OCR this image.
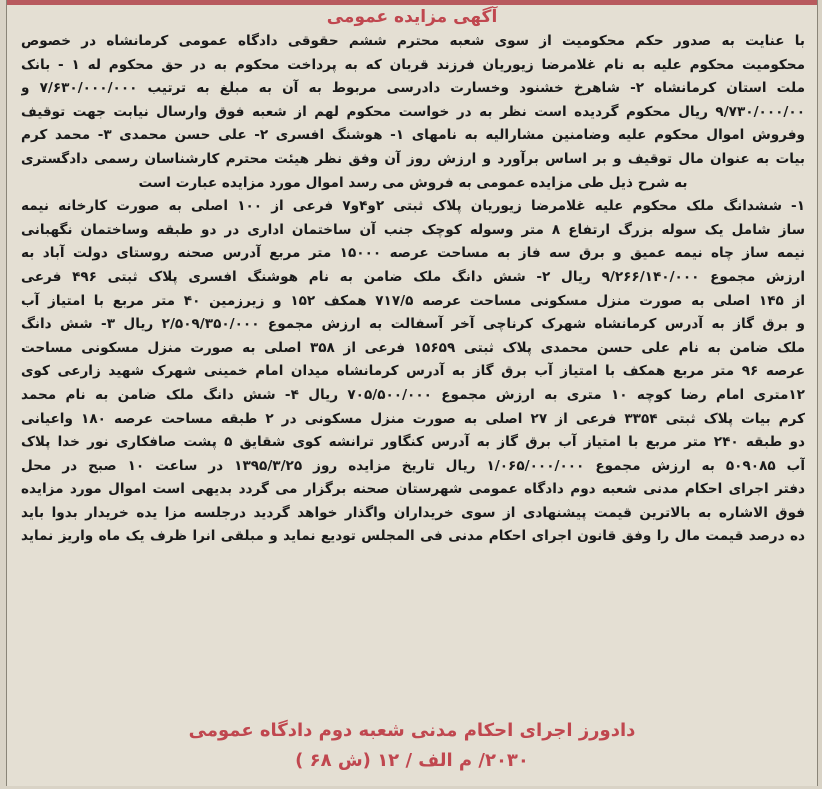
آگهی مزایده عمومی
با عنایت به صدور حکم محکومیت از سوی شعبه محترم ششم حقوقی دادگاه عمومی کرمانشاه در خصوص
محکومیت محکوم علیه به نام غلامرضا زیوریان فرزند قربان که به پرداخت محکوم به در حق محکوم له ۱ - بانک
ملت استان کرمانشاه ۲- شاهرخ خشنود وخسارت دادرسی مربوط به آن به مبلغ به ترتیب ۷/۶۳۰/۰۰۰/۰۰۰ و
۹/۷۳۰/۰۰۰/۰۰ ریال محکوم گردیده است نظر به در خواست محکوم لهم از شعبه فوق وارسال نیابت جهت توقیف
وفروش اموال محکوم علیه وضامنین مشارالیه به نامهای ۱- هوشنگ افسری ۲- علی حسن محمدی ۳- محمد کرم
بیات به عنوان مال توقیف و بر اساس برآورد و ارزش روز آن وفق نظر هیئت محترم کارشناسان رسمی دادگستری
به شرح ذیل طی مزایده عمومی به فروش می رسد اموال مورد مزایده عبارت است
۱- ششدانگ ملک محکوم علیه غلامرضا زیوریان پلاک ثبتی ۲و۴و۷ فرعی از ۱۰۰ اصلی به صورت کارخانه نیمه
ساز شامل یک سوله بزرگ ارتفاع ۸ متر وسوله کوچک جنب آن ساختمان اداری در دو طبقه وساختمان نگهبانی
نیمه ساز چاه نیمه عمیق و برق سه فاز به مساحت عرصه ۱۵۰۰۰ متر مربع آدرس صحنه روستای دولت آباد به
ارزش مجموع ۹/۲۶۶/۱۴۰/۰۰۰ ریال ۲- شش دانگ ملک ضامن به نام هوشنگ افسری پلاک ثبتی ۴۹۶ فرعی
از ۱۴۵ اصلی به صورت منزل مسکونی مساحت عرصه ۷۱۷/۵ همکف ۱۵۲ و زیرزمین ۴۰ متر مربع با امتیاز آب
و برق گاز به آدرس کرمانشاه شهرک کرناچی آخر آسفالت به ارزش مجموع ۲/۵۰۹/۳۵۰/۰۰۰ ریال ۳- شش دانگ
ملک ضامن به نام علی حسن محمدی پلاک ثبتی ۱۵۶۵۹ فرعی از ۳۵۸ اصلی به صورت منزل مسکونی مساحت
عرصه ۹۶ متر مربع همکف با امتیاز آب برق گاز به آدرس کرمانشاه میدان امام خمینی شهرک شهید زارعی کوی
۱۲متری امام رضا کوچه ۱۰ متری به ارزش مجموع ۷۰۵/۵۰۰/۰۰۰ ریال ۴- شش دانگ ملک ضامن به نام محمد
کرم بیات پلاک ثبتی ۳۳۵۴ فرعی از ۲۷ اصلی به صورت منزل مسکونی در ۲ طبقه مساحت عرصه ۱۸۰ واعیانی
دو طبقه ۲۴۰ متر مربع با امتیاز آب برق گاز به آدرس کنگاور ترانشه کوی شقایق ۵ پشت صافکاری نور خدا پلاک
آب ۵۰۹۰۸۵ به ارزش مجموع ۱/۰۶۵/۰۰۰/۰۰۰ ریال تاریخ مزایده روز ۱۳۹۵/۳/۲۵ در ساعت ۱۰ صبح در محل
دفتر اجرای احکام مدنی شعبه دوم دادگاه عمومی شهرستان صحنه برگزار می گردد بدیهی است اموال مورد مزایده
فوق الاشاره به بالاترین قیمت پیشنهادی از سوی خریداران واگذار خواهد گردید درجلسه مزا یده خریدار بدوا باید
ده درصد قیمت مال را وفق قانون اجرای احکام مدنی فی المجلس تودیع نماید و مبلقی انرا ظرف یک ماه واریز نماید
دادورز اجرای احکام مدنی شعبه دوم دادگاه عمومی
۲۰۳۰/ م الف / ۱۲ (ش ۶۸ )
